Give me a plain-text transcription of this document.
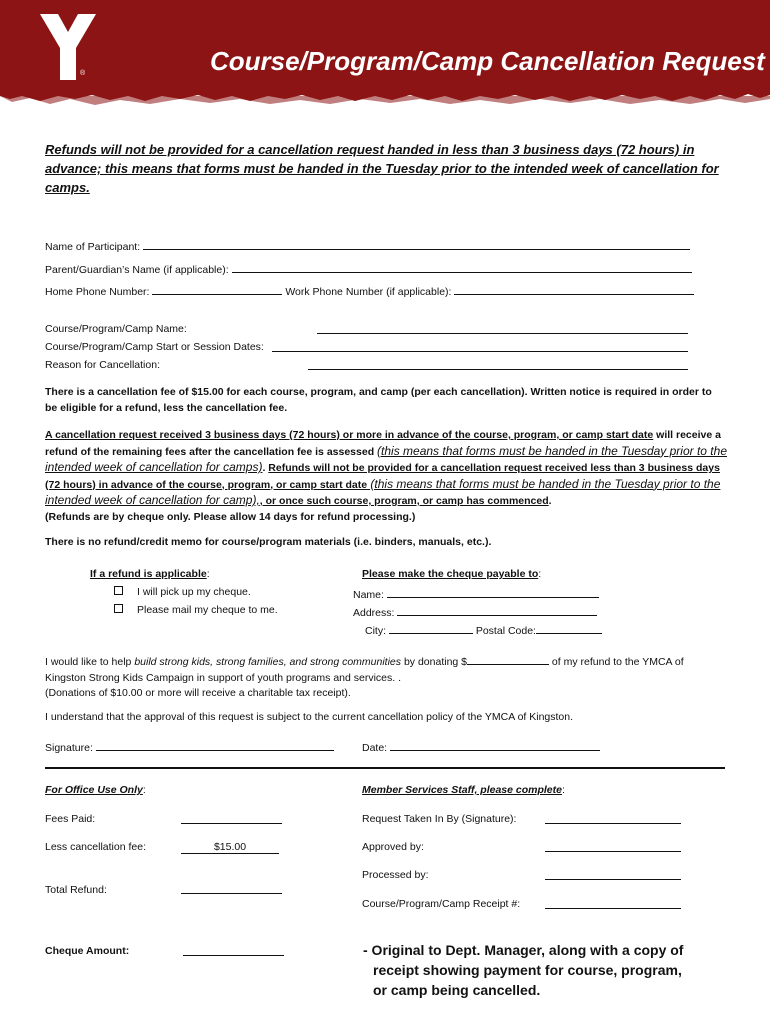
®	Course/Program/Camp Cancellation Request
Refunds will not be provided for a cancellation request handed in less than 3 business days (72 hours) in advance; this means that forms must be handed in the Tuesday prior to the intended week of cancellation for camps.
Name of Participant:
Parent/Guardian’s Name (if applicable):
Home Phone Number:	Work Phone Number (if applicable):
Course/Program/Camp Name:
Course/Program/Camp Start or Session Dates:
Reason for Cancellation:
There is a cancellation fee of $15.00 for each course, program, and camp (per each cancellation). Written notice is required in order to be eligible for a refund, less the cancellation fee.
A cancellation request received 3 business days (72 hours) or more in advance of the course, program, or camp start date will receive a refund of the remaining fees after the cancellation fee is assessed (this means that forms must be handed in the Tuesday prior to the intended week of cancellation for camps). Refunds will not be provided for a cancellation request received less than 3 business days (72 hours) in advance of the course, program, or camp start date (this means that forms must be handed in the Tuesday prior to the intended week of cancellation for camp),, or once such course, program, or camp has commenced.
(Refunds are by cheque only. Please allow 14 days for refund processing.)
There is no refund/credit memo for course/program materials (i.e. binders, manuals, etc.).
If a refund is applicable:
I will pick up my cheque.
Please mail my cheque to me.
Please make the cheque payable to:
Name:
Address:
City:	Postal Code:
I would like to help build strong kids, strong families, and strong communities by donating $	of my refund to the YMCA of
Kingston Strong Kids Campaign in support of youth programs and services. .
(Donations of $10.00 or more will receive a charitable tax receipt).
I understand that the approval of this request is subject to the current cancellation policy of the YMCA of Kingston.
Signature:	Date:
For Office Use Only:
Fees Paid:
Less cancellation fee:	$15.00
Total Refund:
Cheque Amount:
Member Services Staff, please complete:
Request Taken In By (Signature):
Approved by:
Processed by:
Course/Program/Camp Receipt #:
- Original to Dept. Manager, along with a copy of
receipt showing payment for course, program,
or camp being cancelled.
